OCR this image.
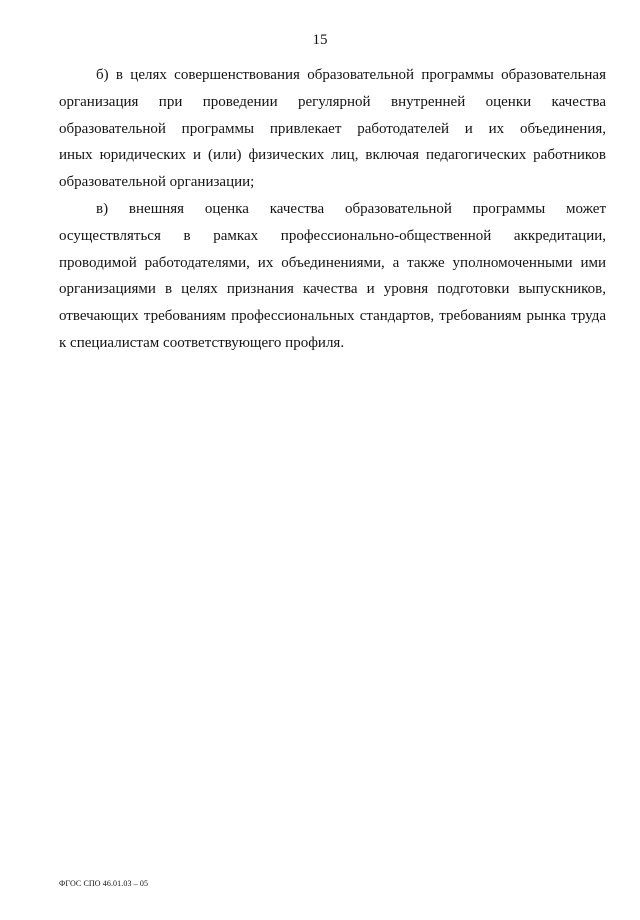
15

б) в целях совершенствования образовательной программы образовательная
организация при проведении регулярной внутренней оценки качества
образовательной программы привлекает работодателей и их объединения,
иных юридических и (или) физических лиц, включая педагогических работников
образовательной организации;

в) внешняя оценка качества образовательной программы может
осуществляться в рамках профессионально-общественной аккредитации,
проводимой работодателями, их объединениями, а также уполномоченными ими
организациями в целях признания качества и уровня подготовки выпускников,
отвечающих требованиям профессиональных стандартов, требованиям рынка труда
к специалистам соответствующего профиля.

ФГОС СПО 46.01.03 – 05
